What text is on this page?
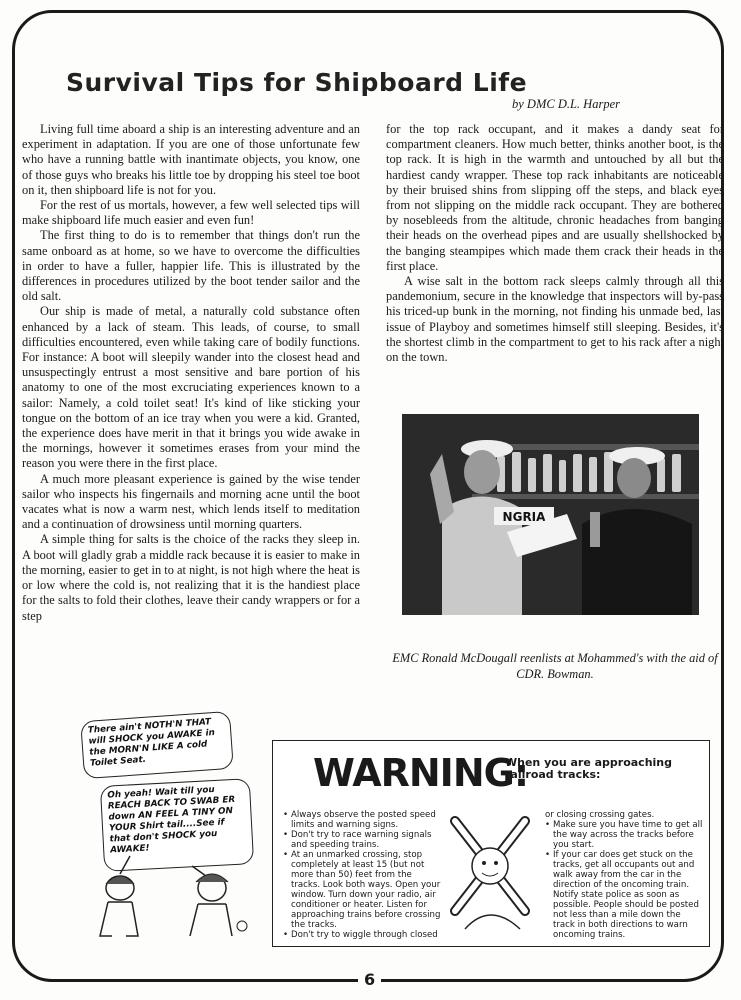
Survival Tips for Shipboard Life
by DMC D.L. Harper

Living full time aboard a ship is an interesting adventure and an experiment in adaptation. If you are one of those unfortunate few who have a running battle with inantimate objects, you know, one of those guys who breaks his little toe by dropping his steel toe boot on it, then shipboard life is not for you.

For the rest of us mortals, however, a few well selected tips will make shipboard life much easier and even fun!

The first thing to do is to remember that things don't run the same onboard as at home, so we have to overcome the difficulties in order to have a fuller, happier life. This is illustrated by the differences in procedures utilized by the boot tender sailor and the old salt.

Our ship is made of metal, a naturally cold substance often enhanced by a lack of steam. This leads, of course, to small difficulties encountered, even while taking care of bodily functions. For instance: A boot will sleepily wander into the closest head and unsuspectingly entrust a most sensitive and bare portion of his anatomy to one of the most excruciating experiences known to a sailor: Namely, a cold toilet seat! It's kind of like sticking your tongue on the bottom of an ice tray when you were a kid. Granted, the experience does have merit in that it brings you wide awake in the mornings, however it sometimes erases from your mind the reason you were there in the first place.

A much more pleasant experience is gained by the wise tender sailor who inspects his fingernails and morning acne until the boot vacates what is now a warm nest, which lends itself to meditation and a continuation of drowsiness until morning quarters.

A simple thing for salts is the choice of the racks they sleep in. A boot will gladly grab a middle rack because it is easier to make in the morning, easier to get in to at night, is not high where the heat is or low where the cold is, not realizing that it is the handiest place for the salts to fold their clothes, leave their candy wrappers or for a step

for the top rack occupant, and it makes a dandy seat for compartment cleaners. How much better, thinks another boot, is the top rack. It is high in the warmth and untouched by all but the hardiest candy wrapper. These top rack inhabitants are noticeable by their bruised shins from slipping off the steps, and black eyes from not slipping on the middle rack occupant. They are bothered by nosebleeds from the altitude, chronic headaches from banging their heads on the overhead pipes and are usually shellshocked by the banging steampipes which made them crack their heads in the first place.

A wise salt in the bottom rack sleeps calmly through all this pandemonium, secure in the knowledge that inspectors will by-pass his triced-up bunk in the morning, not finding his unmade bed, last issue of Playboy and sometimes himself still sleeping. Besides, it's the shortest climb in the compartment to get to his rack after a night on the town.

NGRIA
EMC Ronald McDougall reenlists at Mohammed's with the aid of CDR. Bowman.
There ain't NOTH'N THAT will SHOCK you AWAKE in the MORN'N LIKE A cold Toilet Seat.
Oh yeah! Wait till you REACH BACK TO SWAB ER down AN FEEL A TINY ON YOUR Shirt tail....See if that don't SHOCK you AWAKE!
WARNING:
When you are approaching railroad tracks:
• Always observe the posted speed limits and warning signs.
• Don't try to race warning signals and speeding trains.
• At an unmarked crossing, stop completely at least 15 (but not more than 50) feet from the tracks. Look both ways. Open your window. Turn down your radio, air conditioner or heater. Listen for approaching trains before crossing the tracks.
• Don't try to wiggle through closed
or closing crossing gates.
• Make sure you have time to get all the way across the tracks before you start.
• If your car does get stuck on the tracks, get all occupants out and walk away from the car in the direction of the oncoming train. Notify state police as soon as possible. People should be posted not less than a mile down the track in both directions to warn oncoming trains.
6
